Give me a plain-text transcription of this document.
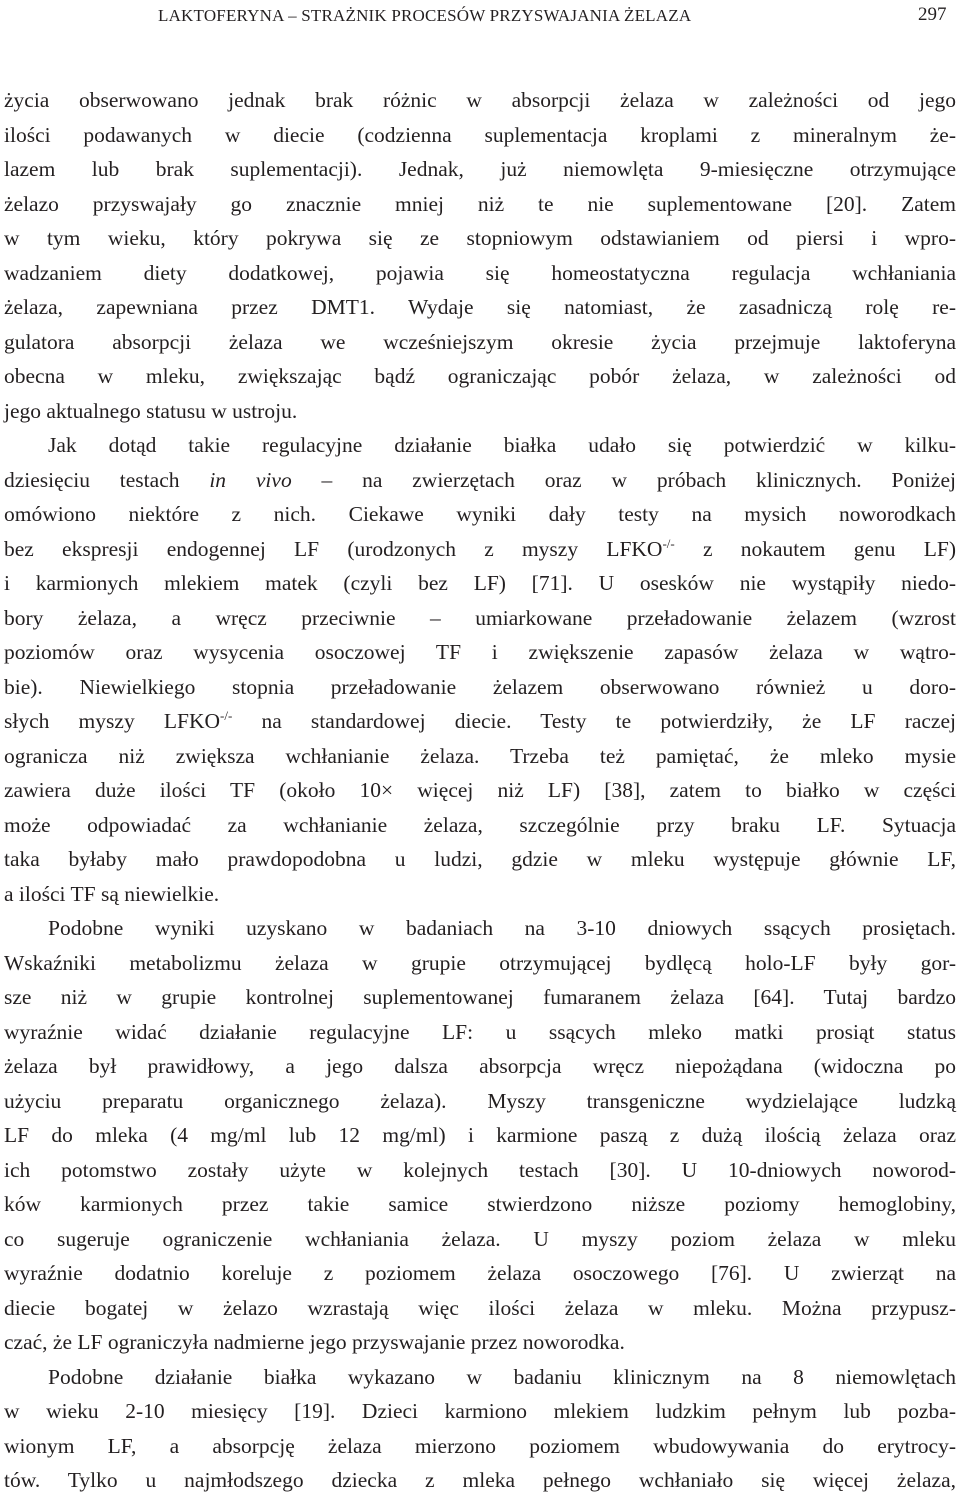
LAKTOFERYNA – STRAŻNIK PROCESÓW PRZYSWAJANIA ŻELAZA	297
życia obserwowano jednak brak różnic w absorpcji żelaza w zależności od jego
ilości podawanych w diecie (codzienna suplementacja kroplami z mineralnym że-
lazem lub brak suplementacji). Jednak, już niemowlęta 9-miesięczne otrzymujące
żelazo przyswajały go znacznie mniej niż te nie suplementowane [20]. Zatem
w tym wieku, który pokrywa się ze stopniowym odstawianiem od piersi i wpro-
wadzaniem diety dodatkowej, pojawia się homeostatyczna regulacja wchłaniania
żelaza, zapewniana przez DMT1. Wydaje się natomiast, że zasadniczą rolę re-
gulatora absorpcji żelaza we wcześniejszym okresie życia przejmuje laktoferyna
obecna w mleku, zwiększając bądź ograniczając pobór żelaza, w zależności od
jego aktualnego statusu w ustroju.
Jak dotąd takie regulacyjne działanie białka udało się potwierdzić w kilku-
dziesięciu testach in vivo – na zwierzętach oraz w próbach klinicznych. Poniżej
omówiono niektóre z nich. Ciekawe wyniki dały testy na mysich noworodkach
bez ekspresji endogennej LF (urodzonych z myszy LFKO-/- z nokautem genu LF)
i karmionych mlekiem matek (czyli bez LF) [71]. U osesków nie wystąpiły niedo-
bory żelaza, a wręcz przeciwnie – umiarkowane przeładowanie żelazem (wzrost
poziomów oraz wysycenia osoczowej TF i zwiększenie zapasów żelaza w wątro-
bie). Niewielkiego stopnia przeładowanie żelazem obserwowano również u doro-
słych myszy LFKO-/- na standardowej diecie. Testy te potwierdziły, że LF raczej
ogranicza niż zwiększa wchłanianie żelaza. Trzeba też pamiętać, że mleko mysie
zawiera duże ilości TF (około 10× więcej niż LF) [38], zatem to białko w części
może odpowiadać za wchłanianie żelaza, szczególnie przy braku LF. Sytuacja
taka byłaby mało prawdopodobna u ludzi, gdzie w mleku występuje głównie LF,
a ilości TF są niewielkie.
Podobne wyniki uzyskano w badaniach na 3-10 dniowych ssących prosiętach.
Wskaźniki metabolizmu żelaza w grupie otrzymującej bydlęcą holo-LF były gor-
sze niż w grupie kontrolnej suplementowanej fumaranem żelaza [64]. Tutaj bardzo
wyraźnie widać działanie regulacyjne LF: u ssących mleko matki prosiąt status
żelaza był prawidłowy, a jego dalsza absorpcja wręcz niepożądana (widoczna po
użyciu preparatu organicznego żelaza). Myszy transgeniczne wydzielające ludzką
LF do mleka (4 mg/ml lub 12 mg/ml) i karmione paszą z dużą ilością żelaza oraz
ich potomstwo zostały użyte w kolejnych testach [30]. U 10-dniowych noworod-
ków karmionych przez takie samice stwierdzono niższe poziomy hemoglobiny,
co sugeruje ograniczenie wchłaniania żelaza. U myszy poziom żelaza w mleku
wyraźnie dodatnio koreluje z poziomem żelaza osoczowego [76]. U zwierząt na
diecie bogatej w żelazo wzrastają więc ilości żelaza w mleku. Można przypusz-
czać, że LF ograniczyła nadmierne jego przyswajanie przez noworodka.
Podobne działanie białka wykazano w badaniu klinicznym na 8 niemowlętach
w wieku 2-10 miesięcy [19]. Dzieci karmiono mlekiem ludzkim pełnym lub pozba-
wionym LF, a absorpcję żelaza mierzono poziomem wbudowywania do erytrocy-
tów. Tylko u najmłodszego dziecka z mleka pełnego wchłaniało się więcej żelaza,
